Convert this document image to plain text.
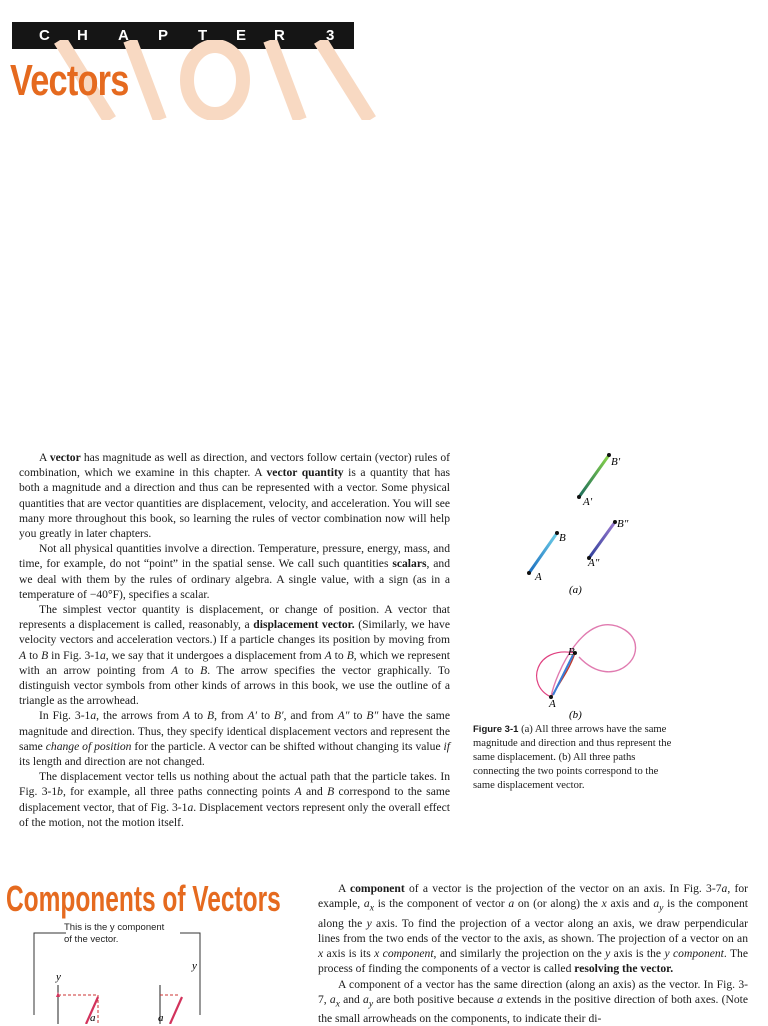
C H A P T E R	3
Vectors

A vector has magnitude as well as direction, and vectors follow certain (vector) rules of combination, which we examine in this chapter. A vector quantity is a quantity that has both a magnitude and a direction and thus can be represented with a vector. Some physical quantities that are vector quantities are displacement, velocity, and acceleration. You will see many more throughout this book, so learning the rules of vector combination now will help you greatly in later chapters.

Not all physical quantities involve a direction. Temperature, pressure, energy, mass, and time, for example, do not “point” in the spatial sense. We call such quantities scalars, and we deal with them by the rules of ordinary algebra. A single value, with a sign (as in a temperature of −40°F), specifies a scalar.

The simplest vector quantity is displacement, or change of position. A vector that represents a displacement is called, reasonably, a displacement vector. (Similarly, we have velocity vectors and acceleration vectors.) If a particle changes its position by moving from A to B in Fig. 3-1a, we say that it undergoes a displacement from A to B, which we represent with an arrow pointing from A to B. The arrow specifies the vector graphically. To distinguish vector symbols from other kinds of arrows in this book, we use the outline of a triangle as the arrowhead.

In Fig. 3-1a, the arrows from A to B, from A′ to B′, and from A″ to B″ have the same magnitude and direction. Thus, they specify identical displacement vectors and represent the same change of position for the particle. A vector can be shifted without changing its value if its length and direction are not changed.

The displacement vector tells us nothing about the actual path that the particle takes. In Fig. 3-1b, for example, all three paths connecting points A and B correspond to the same displacement vector, that of Fig. 3-1a. Displacement vectors represent only the overall effect of the motion, not the motion itself.

A
B
A′
B′
A″
B″
(a)
A
B
(b)
Figure 3-1 (a) All three arrows have the same magnitude and direction and thus represent the same displacement. (b) All three paths connecting the two points correspond to the same displacement vector.
Components of Vectors	A component of a vector is the projection of the vector on an axis. In Fig. 3-7a, for example, $a_x$ is the component of vector a on (or along) the x axis and $a_y$ is the component along the y axis. To find the projection of a vector along an axis, we draw perpendicular lines from the two ends of the vector to the axis, as shown. The projection of a vector on an x axis is its x component, and similarly the projection on the y axis is the y component. The process of finding the components of a vector is called resolving the vector.

A component of a vector has the same direction (along an axis) as the vector. In Fig. 3-7, $a_x$ and $a_y$ are both positive because a extends in the positive direction of both axes. (Note the small arrowheads on the components, to indicate their di-

y
y
a	a
This is the y component
of the vector.
